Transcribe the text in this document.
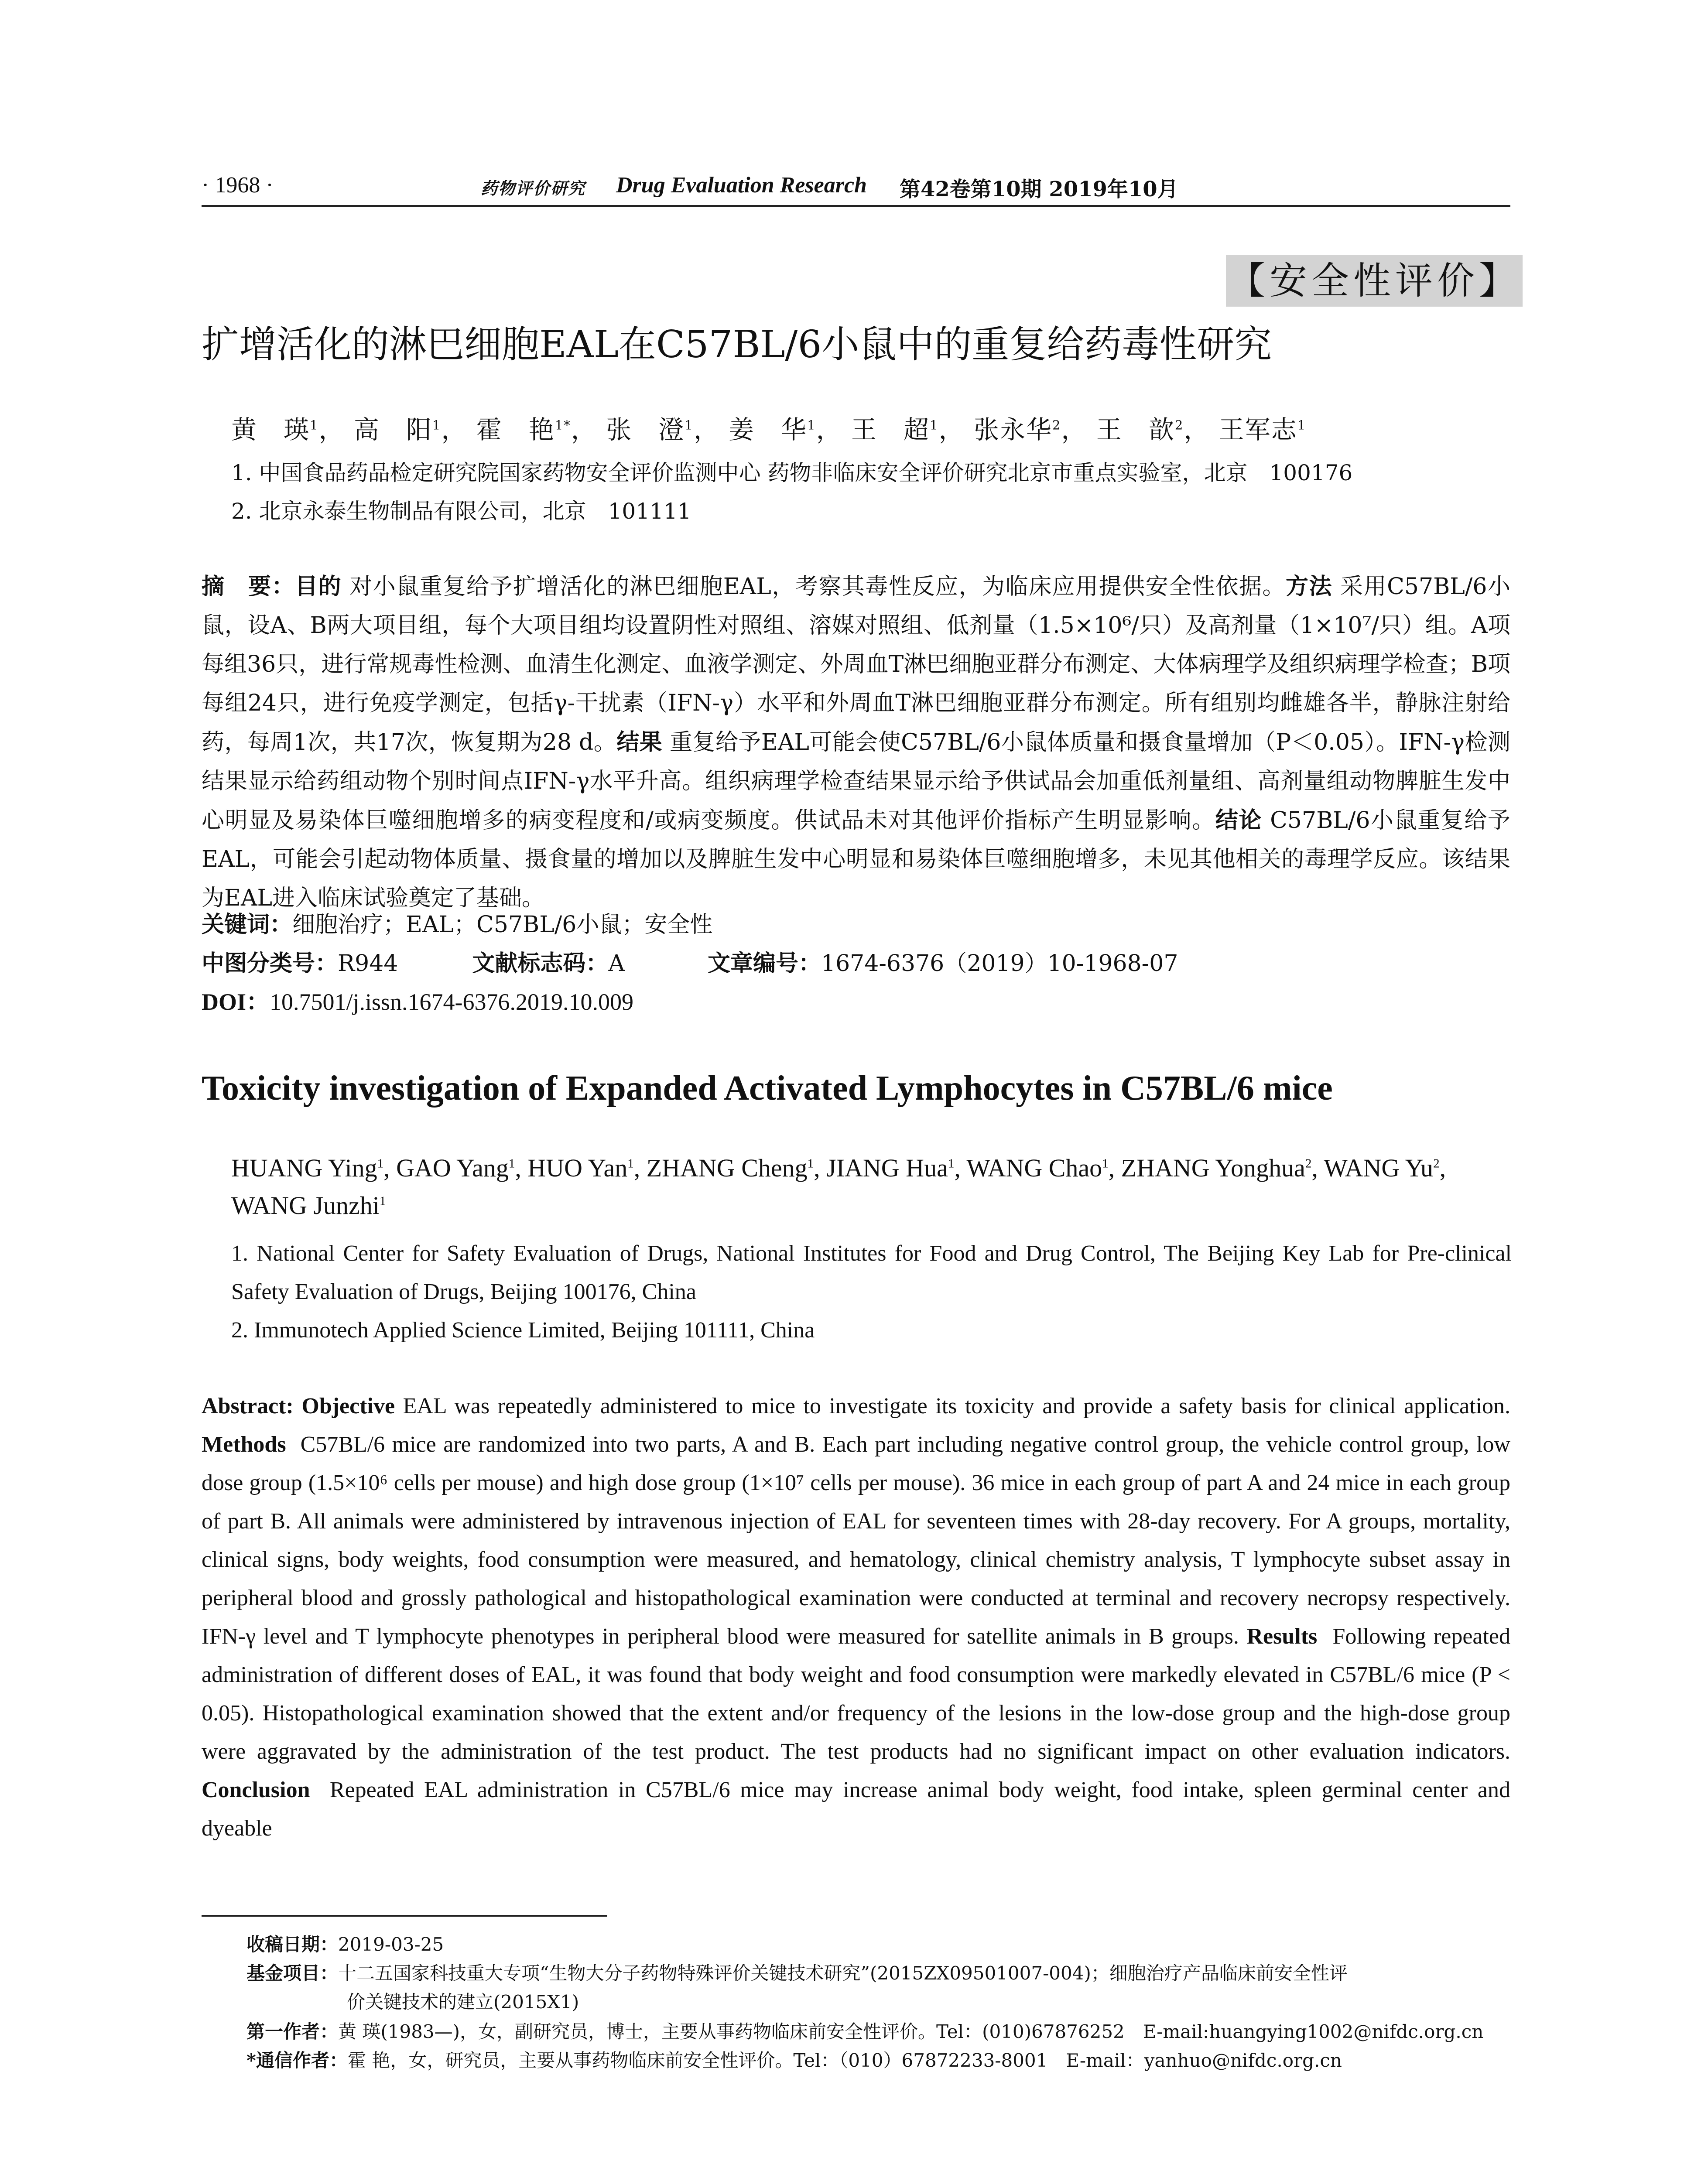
· 1968 ·	药物评价研究 Drug Evaluation Research 第42卷第10期 2019年10月
【安全性评价】
扩增活化的淋巴细胞EAL在C57BL/6小鼠中的重复给药毒性研究
黄　瑛$^1$， 高　阳$^1$， 霍　艳$^{1*}$， 张　澄$^1$， 姜　华$^1$， 王　超$^1$， 张永华$^2$， 王　歆$^2$， 王军志$^1$
1. 中国食品药品检定研究院国家药物安全评价监测中心 药物非临床安全评价研究北京市重点实验室，北京　100176
2. 北京永泰生物制品有限公司，北京　101111
摘　要：目的 对小鼠重复给予扩增活化的淋巴细胞EAL，考察其毒性反应，为临床应用提供安全性依据。方法 采用C57BL/6小鼠，设A、B两大项目组，每个大项目组均设置阴性对照组、溶媒对照组、低剂量（1.5×10⁶/只）及高剂量（1×10⁷/只）组。A项每组36只，进行常规毒性检测、血清生化测定、血液学测定、外周血T淋巴细胞亚群分布测定、大体病理学及组织病理学检查；B项每组24只，进行免疫学测定，包括γ-干扰素（IFN-γ）水平和外周血T淋巴细胞亚群分布测定。所有组别均雌雄各半，静脉注射给药，每周1次，共17次，恢复期为28 d。结果 重复给予EAL可能会使C57BL/6小鼠体质量和摄食量增加（P＜0.05）。IFN-γ检测结果显示给药组动物个别时间点IFN-γ水平升高。组织病理学检查结果显示给予供试品会加重低剂量组、高剂量组动物脾脏生发中心明显及易染体巨噬细胞增多的病变程度和/或病变频度。供试品未对其他评价指标产生明显影响。结论 C57BL/6小鼠重复给予EAL，可能会引起动物体质量、摄食量的增加以及脾脏生发中心明显和易染体巨噬细胞增多，未见其他相关的毒理学反应。该结果为EAL进入临床试验奠定了基础。
关键词：细胞治疗；EAL；C57BL/6小鼠；安全性
中图分类号：R944	文献标志码：A	文章编号：1674-6376（2019）10-1968-07
DOI：10.7501/j.issn.1674-6376.2019.10.009
Toxicity investigation of Expanded Activated Lymphocytes in C57BL/6 mice
HUANG Ying$^1$, GAO Yang$^1$, HUO Yan$^1$, ZHANG Cheng$^1$, JIANG Hua$^1$, WANG Chao$^1$, ZHANG Yonghua$^2$, WANG Yu$^2$, WANG Junzhi$^1$
1. National Center for Safety Evaluation of Drugs, National Institutes for Food and Drug Control, The Beijing Key Lab for Pre-clinical Safety Evaluation of Drugs, Beijing 100176, China
2. Immunotech Applied Science Limited, Beijing 101111, China
Abstract: Objective EAL was repeatedly administered to mice to investigate its toxicity and provide a safety basis for clinical application. Methods C57BL/6 mice are randomized into two parts, A and B. Each part including negative control group, the vehicle control group, low dose group (1.5×10⁶ cells per mouse) and high dose group (1×10⁷ cells per mouse). 36 mice in each group of part A and 24 mice in each group of part B. All animals were administered by intravenous injection of EAL for seventeen times with 28-day recovery. For A groups, mortality, clinical signs, body weights, food consumption were measured, and hematology, clinical chemistry analysis, T lymphocyte subset assay in peripheral blood and grossly pathological and histopathological examination were conducted at terminal and recovery necropsy respectively. IFN-γ level and T lymphocyte phenotypes in peripheral blood were measured for satellite animals in B groups. Results Following repeated administration of different doses of EAL, it was found that body weight and food consumption were markedly elevated in C57BL/6 mice (P < 0.05). Histopathological examination showed that the extent and/or frequency of the lesions in the low-dose group and the high-dose group were aggravated by the administration of the test product. The test products had no significant impact on other evaluation indicators. Conclusion Repeated EAL administration in C57BL/6 mice may increase animal body weight, food intake, spleen germinal center and dyeable
收稿日期：2019-03-25
基金项目：十二五国家科技重大专项“生物大分子药物特殊评价关键技术研究”(2015ZX09501007-004)；细胞治疗产品临床前安全性评
价关键技术的建立(2015X1)
第一作者：黄 瑛(1983—)，女，副研究员，博士，主要从事药物临床前安全性评价。Tel：(010)67876252　E-mail:huangying1002@nifdc.org.cn
*通信作者：霍 艳，女，研究员，主要从事药物临床前安全性评价。Tel：（010）67872233-8001　E-mail：yanhuo@nifdc.org.cn
